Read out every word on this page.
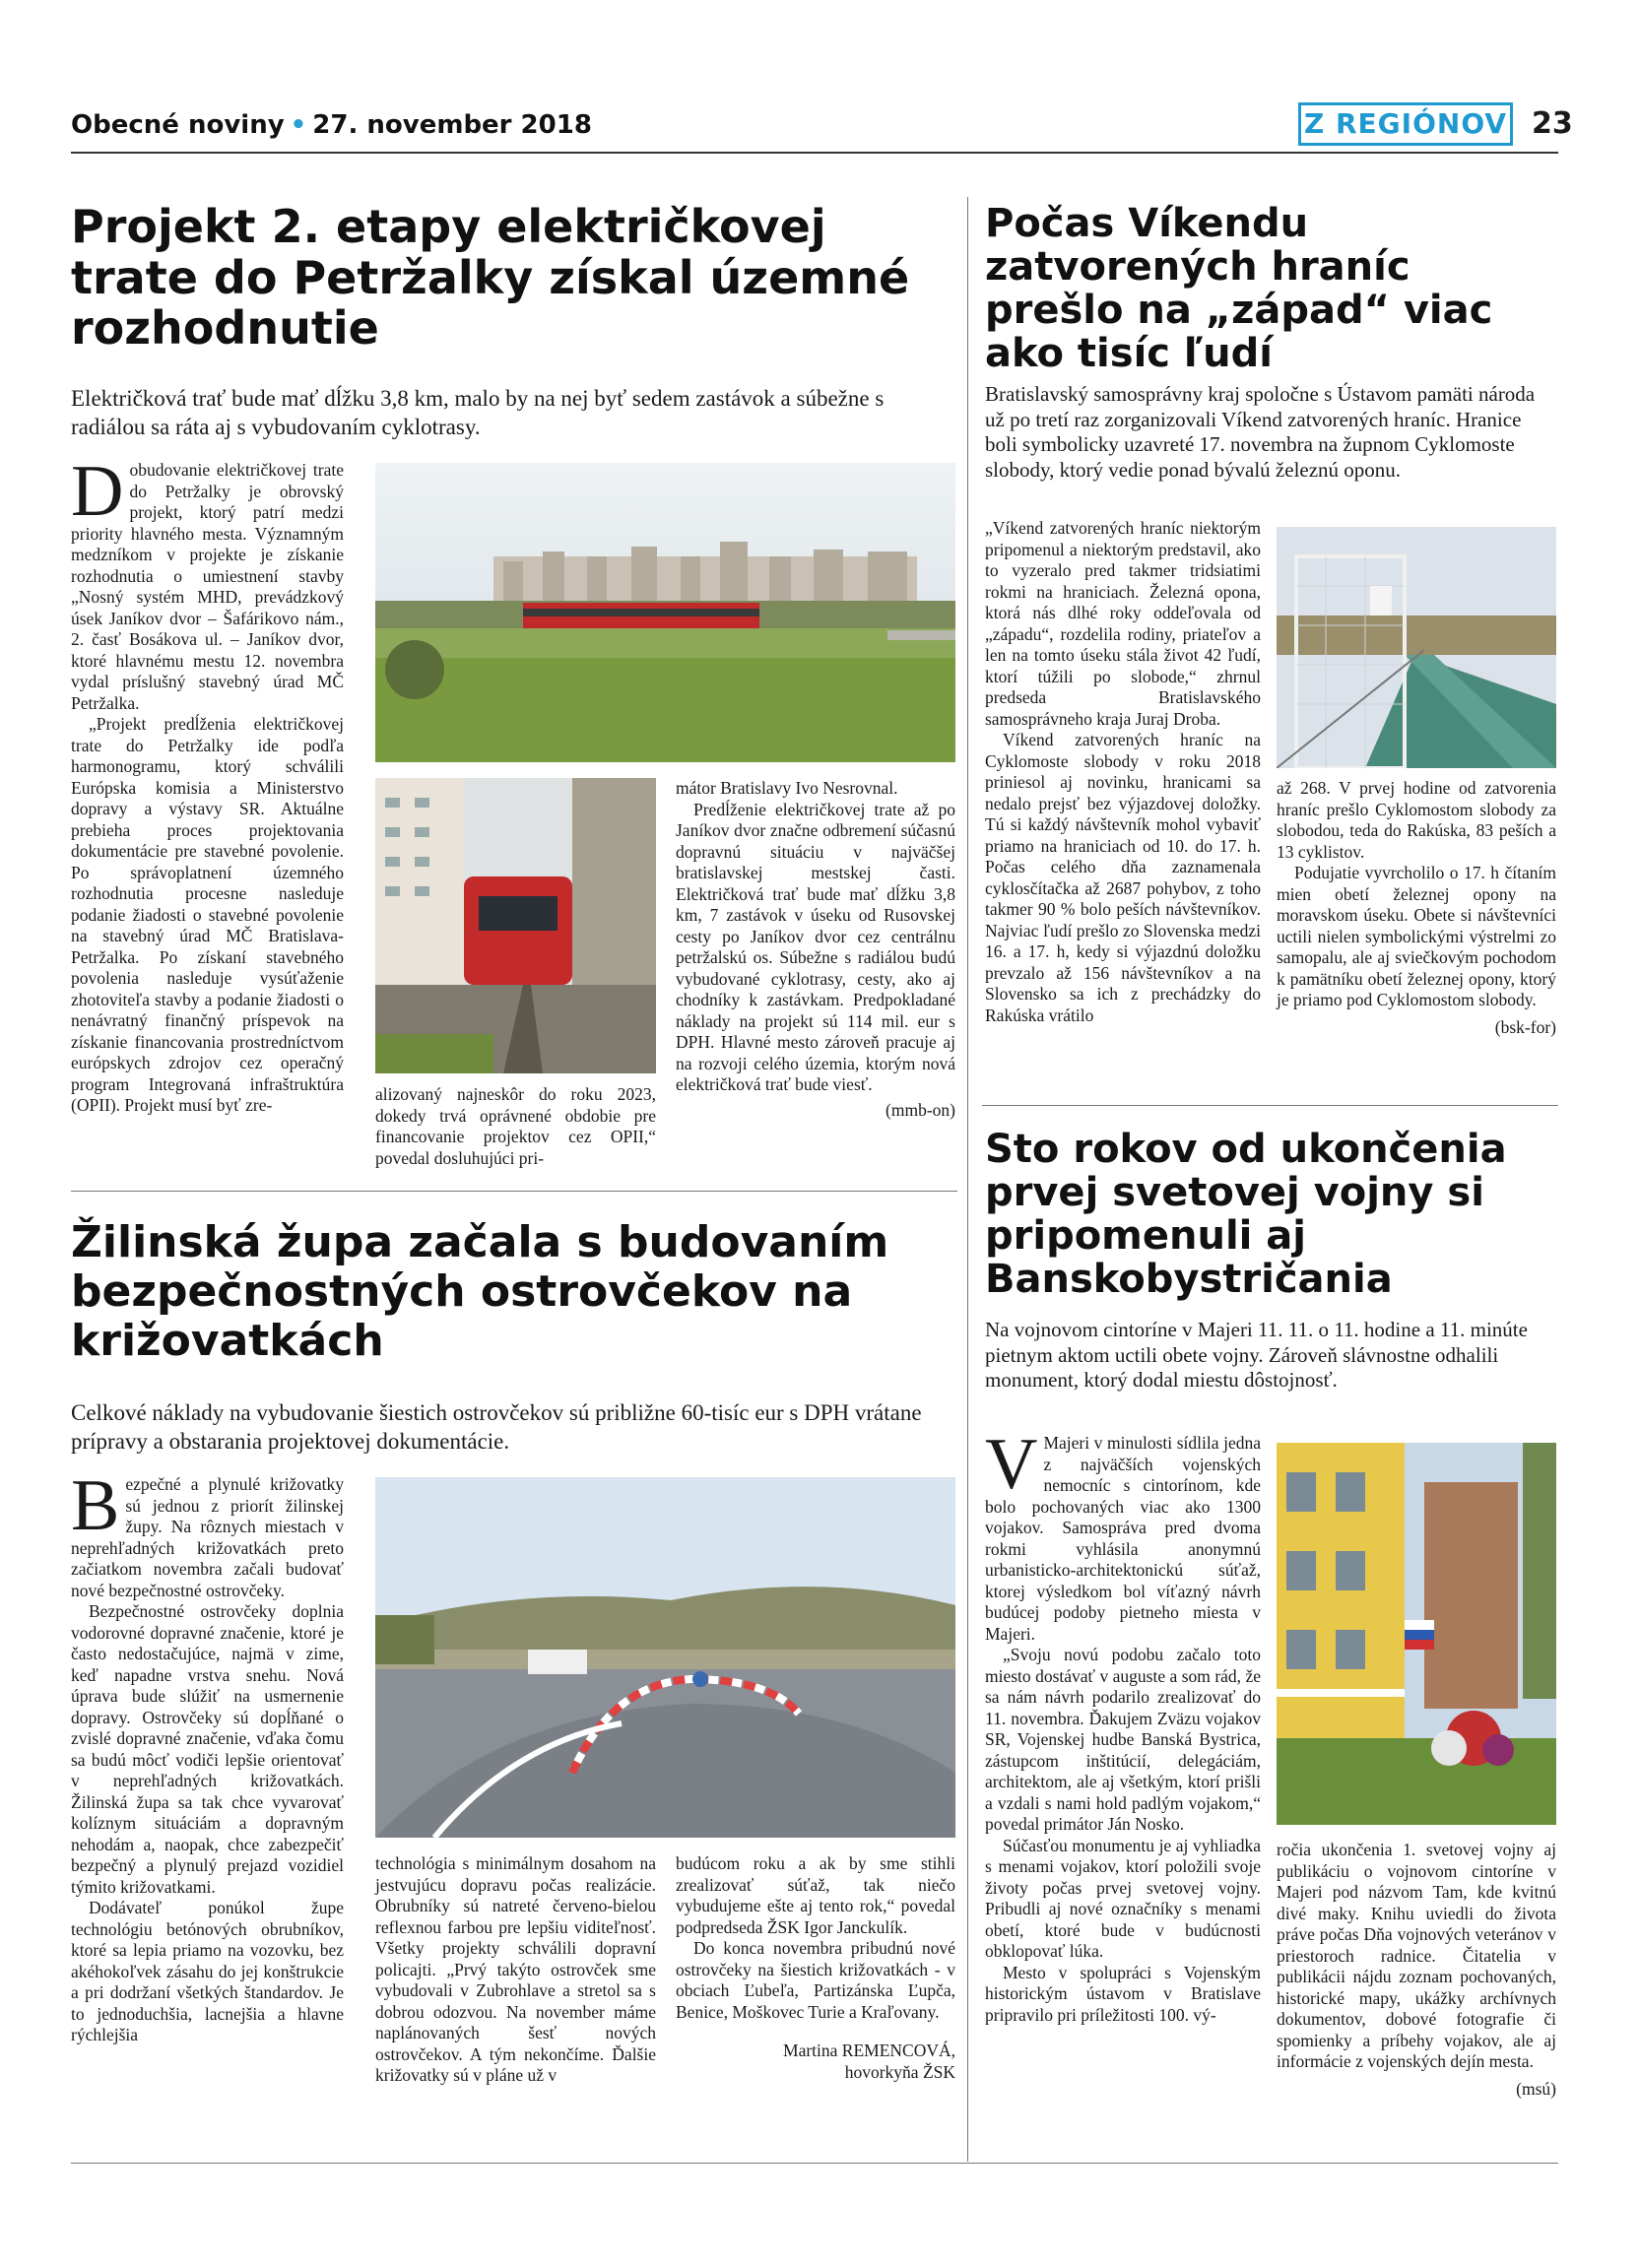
Obecné noviny • 27. november 2018	Z REGIÓNOV 23
Projekt 2. etapy električkovej trate do Petržalky získal územné rozhodnutie

Električková trať bude mať dĺžku 3,8 km, malo by na nej byť sedem zastávok a súbežne s radiálou sa ráta aj s vybudovaním cyklotrasy.

Dobudovanie električkovej trate do Petržalky je obrovský projekt, ktorý patrí medzi priority hlavného mesta. Významným medzníkom v projekte je získanie rozhodnutia o umiestnení stavby „Nosný systém MHD, prevádzkový úsek Janíkov dvor – Šafárikovo nám., 2. časť Bosákova ul. – Janíkov dvor, ktoré hlavnému mestu 12. novembra vydal príslušný stavebný úrad MČ Petržalka.

„Projekt predĺženia električkovej trate do Petržalky ide podľa harmonogramu, ktorý schválili Európska komisia a Ministerstvo dopravy a výstavy SR. Aktuálne prebieha proces projektovania dokumentácie pre stavebné povolenie. Po správoplatnení územného rozhodnutia procesne nasleduje podanie žiadosti o stavebné povolenie na stavebný úrad MČ Bratislava-Petržalka. Po získaní stavebného povolenia nasleduje vysúťaženie zhotoviteľa stavby a podanie žiadosti o nenávratný finančný príspevok na získanie financovania prostredníctvom európskych zdrojov cez operačný program Integrovaná infraštruktúra (OPII). Projekt musí byť zre-

alizovaný najneskôr do roku 2023, dokedy trvá oprávnené obdobie pre financovanie projektov cez OPII,“ povedal dosluhujúci pri-

mátor Bratislavy Ivo Nesrovnal.

Predĺženie električkovej trate až po Janíkov dvor značne odbremení súčasnú dopravnú situáciu v najväčšej bratislavskej mestskej časti. Električková trať bude mať dĺžku 3,8 km, 7 zastávok v úseku od Rusovskej cesty po Janíkov dvor cez centrálnu petržalskú os. Súbežne s radiálou budú vybudované cyklotrasy, cesty, ako aj chodníky k zastávkam. Predpokladané náklady na projekt sú 114 mil. eur s DPH. Hlavné mesto zároveň pracuje aj na rozvoji celého územia, ktorým nová električková trať bude viesť.

(mmb-on)
Počas Víkendu zatvorených hraníc prešlo na „západ“ viac ako tisíc ľudí

Bratislavský samosprávny kraj spoločne s Ústavom pamäti národa už po tretí raz zorganizovali Víkend zatvorených hraníc. Hranice boli symbolicky uzavreté 17. novembra na župnom Cyklomoste slobody, ktorý vedie ponad bývalú železnú oponu.

„Víkend zatvorených hraníc niektorým pripomenul a niektorým predstavil, ako to vyzeralo pred takmer tridsiatimi rokmi na hraniciach. Železná opona, ktorá nás dlhé roky oddeľovala od „západu“, rozdelila rodiny, priateľov a len na tomto úseku stála život 42 ľudí, ktorí túžili po slobode,“ zhrnul predseda Bratislavského samosprávneho kraja Juraj Droba.

Víkend zatvorených hraníc na Cyklomoste slobody v roku 2018 priniesol aj novinku, hranicami sa nedalo prejsť bez výjazdovej doložky. Tú si každý návštevník mohol vybaviť priamo na hraniciach od 10. do 17. h. Počas celého dňa zaznamenala cyklosčítačka až 2687 pohybov, z toho takmer 90 % bolo peších návštevníkov. Najviac ľudí prešlo zo Slovenska medzi 16. a 17. h, kedy si výjazdnú doložku prevzalo až 156 návštevníkov a na Slovensko sa ich z prechádzky do Rakúska vrátilo

až 268. V prvej hodine od zatvorenia hraníc prešlo Cyklomostom slobody za slobodou, teda do Rakúska, 83 peších a 13 cyklistov.

Podujatie vyvrcholilo o 17. h čítaním mien obetí železnej opony na moravskom úseku. Obete si návštevníci uctili nielen symbolickými výstrelmi zo samopalu, ale aj sviečkovým pochodom k pamätníku obetí železnej opony, ktorý je priamo pod Cyklomostom slobody.

(bsk-for)
Žilinská župa začala s budovaním bezpečnostných ostrovčekov na križovatkách

Celkové náklady na vybudovanie šiestich ostrovčekov sú približne 60-tisíc eur s DPH vrátane prípravy a obstarania projektovej dokumentácie.

Bezpečné a plynulé križovatky sú jednou z priorít žilinskej župy. Na rôznych miestach v neprehľadných križovatkách preto začiatkom novembra začali budovať nové bezpečnostné ostrovčeky.

Bezpečnostné ostrovčeky doplnia vodorovné dopravné značenie, ktoré je často nedostačujúce, najmä v zime, keď napadne vrstva snehu. Nová úprava bude slúžiť na usmernenie dopravy. Ostrovčeky sú dopĺňané o zvislé dopravné značenie, vďaka čomu sa budú môcť vodiči lepšie orientovať v neprehľadných križovatkách. Žilinská župa sa tak chce vyvarovať kolíznym situáciám a dopravným nehodám a, naopak, chce zabezpečiť bezpečný a plynulý prejazd vozidiel týmito križovatkami.

Dodávateľ ponúkol župe technológiu betónových obrubníkov, ktoré sa lepia priamo na vozovku, bez akéhokoľvek zásahu do jej konštrukcie a pri dodržaní všetkých štandardov. Je to jednoduchšia, lacnejšia a hlavne rýchlejšia

technológia s minimálnym dosahom na jestvujúcu dopravu počas realizácie. Obrubníky sú natreté červeno-bielou reflexnou farbou pre lepšiu viditeľnosť. Všetky projekty schválili dopravní policajti. „Prvý takýto ostrovček sme vybudovali v Zubrohlave a stretol sa s dobrou odozvou. Na november máme naplánovaných šesť nových ostrovčekov. A tým nekončíme. Ďalšie križovatky sú v pláne už v

budúcom roku a ak by sme stihli zrealizovať súťaž, tak niečo vybudujeme ešte aj tento rok,“ povedal podpredseda ŽSK Igor Janckulík.

Do konca novembra pribudnú nové ostrovčeky na šiestich križovatkách - v obciach Ľubeľa, Partizánska Ľupča, Benice, Moškovec Turie a Kraľovany.

Martina REMENCOVÁ,
hovorkyňa ŽSK
Sto rokov od ukončenia prvej svetovej vojny si pripomenuli aj Banskobystričania

Na vojnovom cintoríne v Majeri 11. 11. o 11. hodine a 11. minúte pietnym aktom uctili obete vojny. Zároveň slávnostne odhalili monument, ktorý dodal miestu dôstojnosť.

V Majeri v minulosti sídlila jedna z najväčších vojenských nemocníc s cintorínom, kde bolo pochovaných viac ako 1300 vojakov. Samospráva pred dvoma rokmi vyhlásila anonymnú urbanisticko-architektonickú súťaž, ktorej výsledkom bol víťazný návrh budúcej podoby pietneho miesta v Majeri.

„Svoju novú podobu začalo toto miesto dostávať v auguste a som rád, že sa nám návrh podarilo zrealizovať do 11. novembra. Ďakujem Zväzu vojakov SR, Vojenskej hudbe Banská Bystrica, zástupcom inštitúcií, delegáciám, architektom, ale aj všetkým, ktorí prišli a vzdali s nami hold padlým vojakom,“ povedal primátor Ján Nosko.

Súčasťou monumentu je aj vyhliadka s menami vojakov, ktorí položili svoje životy počas prvej svetovej vojny. Pribudli aj nové označníky s menami obetí, ktoré bude v budúcnosti obklopovať lúka.

Mesto v spolupráci s Vojenským historickým ústavom v Bratislave pripravilo pri príležitosti 100. vý-

ročia ukončenia 1. svetovej vojny aj publikáciu o vojnovom cintoríne v Majeri pod názvom Tam, kde kvitnú divé maky. Knihu uviedli do života práve počas Dňa vojnových veteránov v priestoroch radnice. Čitatelia v publikácii nájdu zoznam pochovaných, historické mapy, ukážky archívnych dokumentov, dobové fotografie či spomienky a príbehy vojakov, ale aj informácie z vojenských dejín mesta.

(msú)
